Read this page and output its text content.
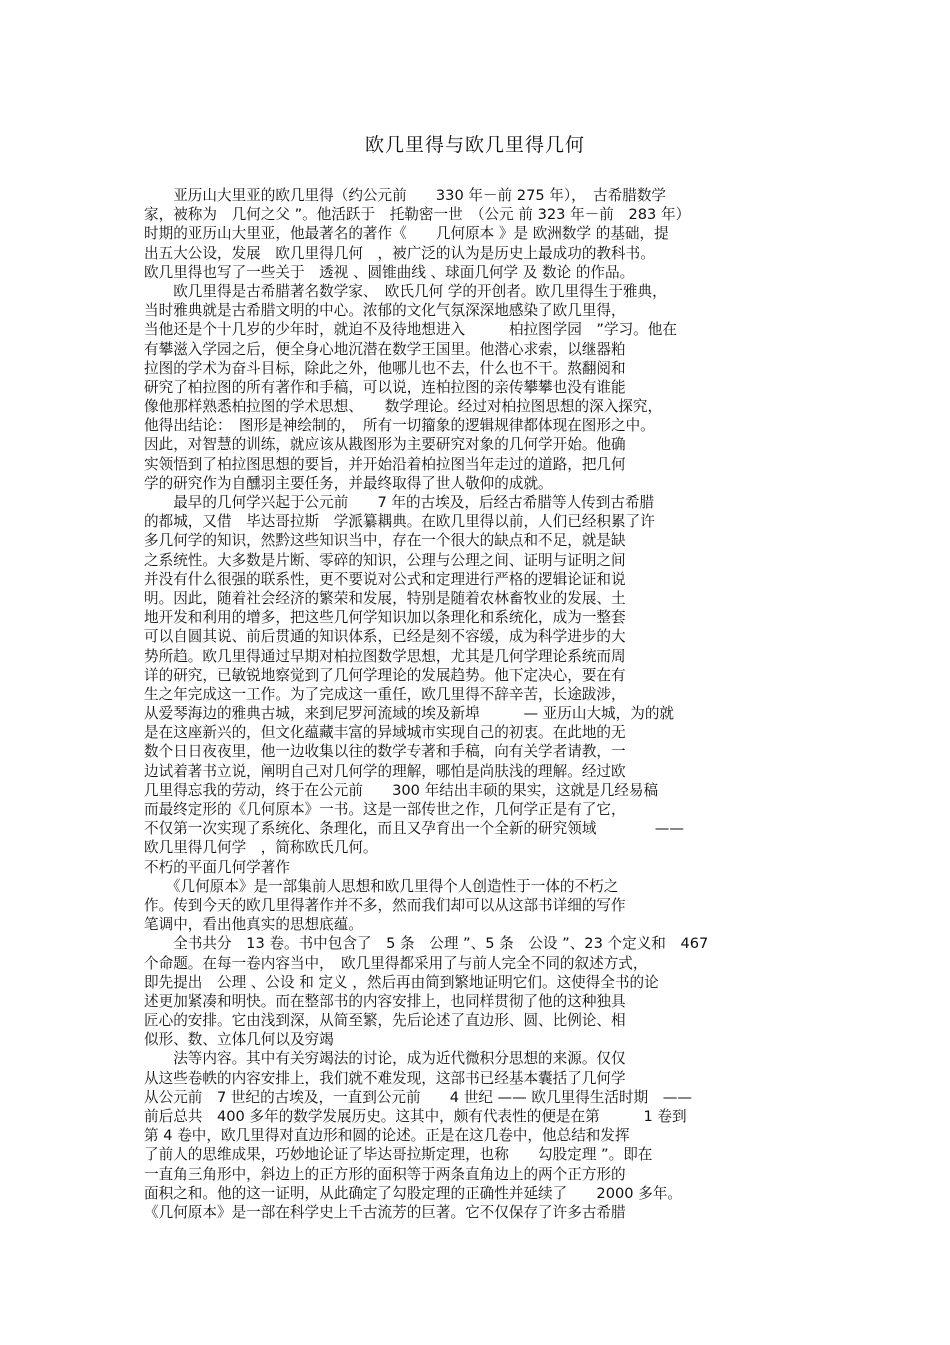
欧几里得与欧几里得几何
　　亚历山大里亚的欧几里得（约公元前　　330 年－前 275 年），　古希腊数学
家，被称为　几何之父 ”。他活跃于　托勒密一世　（公元 前 323 年－前　283 年）
时期的亚历山大里亚，他最著名的著作《　　几何原本 》是 欧洲数学 的基础，提
出五大公设，发展　欧几里得几何　，被广泛的认为是历史上最成功的教科书。
欧几里得也写了一些关于　透视 、圆锥曲线 、球面几何学 及 数论 的作品。
　　欧几里得是古希腊著名数学家、　欧氏几何 学的开创者。欧几里得生于雅典，
当时雅典就是古希腊文明的中心。浓郁的文化气氛深深地感染了欧几里得，
当他还是个十几岁的少年时，就迫不及待地想进入　　　柏拉图学园　”学习。他在
有攀滋入学园之后，便全身心地沉潜在数学王国里。他潜心求索，以继器粕
拉图的学术为奋斗目标，除此之外，他哪儿也不去，什么也不干。熬翻阅和
研究了柏拉图的所有著作和手稿，可以说，连柏拉图的亲传攀攀也没有谁能
像他那样熟悉柏拉图的学术思想、　　数学理论。经过对柏拉图思想的深入探究，
他得出结论：　图形是神绘制的，　所有一切籀象的逻辑规律都体现在图形之中。
因此，对智慧的训练，就应该从戡图形为主要研究对象的几何学开始。他确
实领悟到了柏拉图思想的要旨，并开始沿着柏拉图当年走过的道路，把几何
学的研究作为自醺羽主要任务，并最终取得了世人敬仰的成就。
　　最早的几何学兴起于公元前　　7 年的古埃及，后经古希腊等人传到古希腊
的都城，又借　毕达哥拉斯　学派纂耦典。在欧几里得以前，人们已经积累了许
多几何学的知识，然黔这些知识当中，存在一个很大的缺点和不足，就是缺
之系统性。大多数是片断、零碎的知识，公理与公理之间、证明与证明之间
并没有什么很强的联系性，更不要说对公式和定理进行严格的逻辑论证和说
明。因此，随着社会经济的繁荣和发展，特别是随着农林畜牧业的发展、土
地开发和利用的增多，把这些几何学知识加以条理化和系统化，成为一整套
可以自圆其说、前后贯通的知识体系，已经是刻不容缓，成为科学进步的大
势所趋。欧几里得通过早期对柏拉图数学思想，尤其是几何学理论系统而周
详的研究，已敏锐地察觉到了几何学理论的发展趋势。他下定决心，要在有
生之年完成这一工作。为了完成这一重任，欧几里得不辞辛苦，长途跋涉，
从爱琴海边的雅典古城，来到尼罗河流域的埃及新埠　　　— 亚历山大城，为的就
是在这座新兴的，但文化蕴藏丰富的异域城市实现自己的初衷。在此地的无
数个日日夜夜里，他一边收集以往的数学专著和手稿，向有关学者请教，一
边试着著书立说，阐明自己对几何学的理解，哪怕是尚肤浅的理解。经过欧
几里得忘我的劳动，终于在公元前　　300 年结出丰硕的果实，这就是几经易稿
而最终定形的《几何原本》一书。这是一部传世之作，几何学正是有了它，
不仅第一次实现了系统化、条理化，而且又孕育出一个全新的研究领域　　　　——
欧几里得几何学　，简称欧氏几何。
不朽的平面几何学著作
　　《几何原本》是一部集前人思想和欧几里得个人创造性于一体的不朽之
作。传到今天的欧几里得著作并不多，然而我们却可以从这部书详细的写作
笔调中，看出他真实的思想底蕴。
　　全书共分　13 卷。书中包含了　5 条　公理 ”、5 条　公设 ”、23 个定义和　467
个命题。在每一卷内容当中，　欧几里得都采用了与前人完全不同的叙述方式，
即先提出　公理 、公设 和 定义 ，然后再由简到繁地证明它们。这使得全书的论
述更加紧凑和明快。而在整部书的内容安排上，也同样贯彻了他的这种独具
匠心的安排。它由浅到深，从简至繁，先后论述了直边形、圆、比例论、相
似形、数、立体几何以及穷竭
　　法等内容。其中有关穷竭法的讨论，成为近代微积分思想的来源。仅仅
从这些卷帙的内容安排上，我们就不难发现，这部书已经基本囊括了几何学
从公元前　7 世纪的古埃及，一直到公元前　　4 世纪 —— 欧几里得生活时期　——
前后总共　400 多年的数学发展历史。这其中，颇有代表性的便是在第　　　1 卷到
第 4 卷中，欧几里得对直边形和圆的论述。正是在这几卷中，他总结和发挥
了前人的思维成果，巧妙地论证了毕达哥拉斯定理，也称　　勾股定理 ”。即在
一直角三角形中，斜边上的正方形的面积等于两条直角边上的两个正方形的
面积之和。他的这一证明，从此确定了勾股定理的正确性并延续了　　2000 多年。
《几何原本》是一部在科学史上千古流芳的巨著。它不仅保存了许多古希腊
